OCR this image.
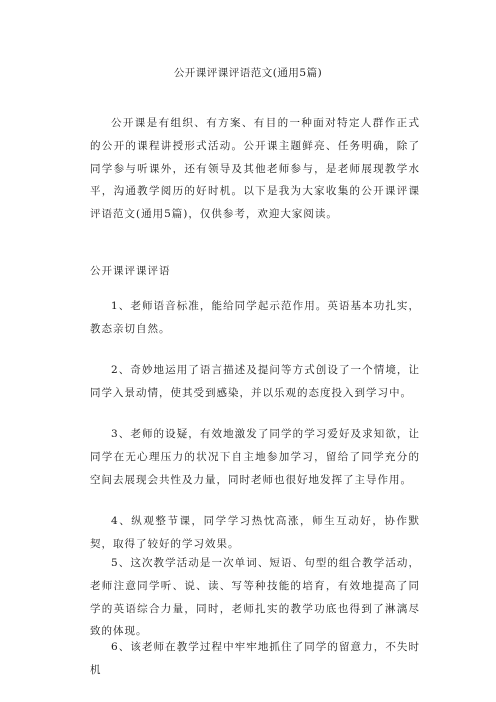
公开课评课评语范文(通用5篇)
公开课是有组织、有方案、有目的一种面对特定人群作正式的公开的课程讲授形式活动。公开课主题鲜亮、任务明确，除了同学参与听课外，还有领导及其他老师参与，是老师展现教学水平，沟通教学阅历的好时机。以下是我为大家收集的公开课评课评语范文(通用5篇)，仅供参考，欢迎大家阅读。
公开课评课评语
1、老师语音标准，能给同学起示范作用。英语基本功扎实，教态亲切自然。
2、奇妙地运用了语言描述及提问等方式创设了一个情境，让同学入景动情，使其受到感染，并以乐观的态度投入到学习中。
3、老师的设疑，有效地激发了同学的学习爱好及求知欲，让同学在无心理压力的状况下自主地参加学习，留给了同学充分的空间去展现会共性及力量，同时老师也很好地发挥了主导作用。
4、纵观整节课，同学学习热忱高涨，师生互动好，协作默契，取得了较好的学习效果。
5、这次教学活动是一次单词、短语、句型的组合教学活动，老师注意同学听、说、读、写等种技能的培育，有效地提高了同学的英语综合力量，同时，老师扎实的教学功底也得到了淋漓尽致的体现。
6、该老师在教学过程中牢牢地抓住了同学的留意力，不失时机
